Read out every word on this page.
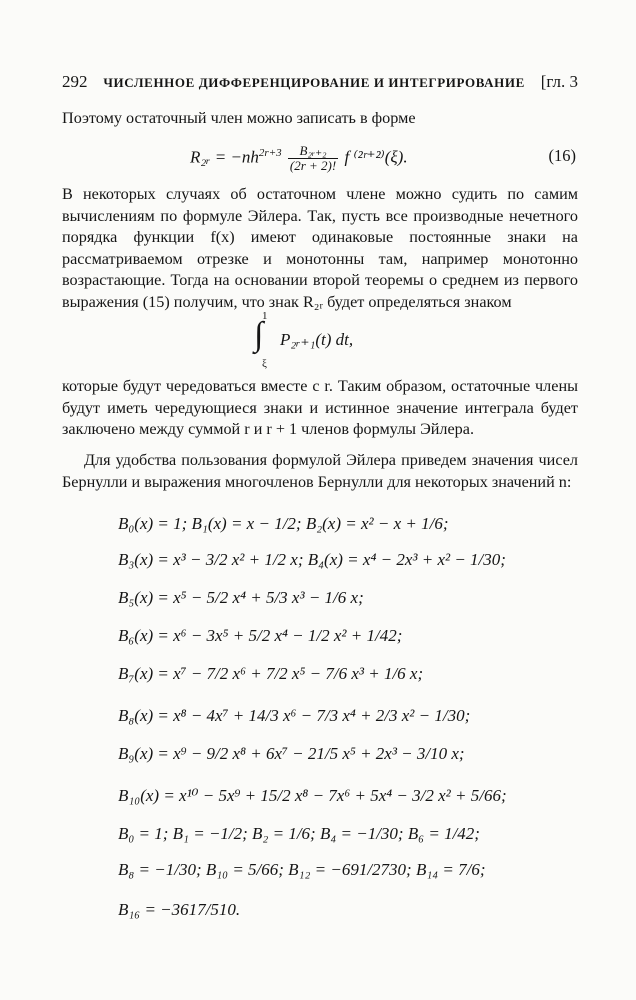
292 ЧИСЛЕННОЕ ДИФФЕРЕНЦИРОВАНИЕ И ИНТЕГРИРОВАНИЕ [гл. 3
Поэтому остаточный член можно записать в форме
R₂ᵣ = $-nh^{2r+3} \frac{\text{B₂ᵣ₊₂}}{(2r + 2)!}$ f ⁽²ʳ⁺²⁾(ξ).	(16)
В некоторых случаях об остаточном члене можно судить по самим вычислениям по формуле Эйлера. Так, пусть все производные нечетного порядка функции f(x) имеют одинаковые постоянные знаки на рассматриваемом отрезке и монотонны там, например монотонно возрастающие. Тогда на основании второй теоремы о среднем из первого выражения (15) получим, что знак R₂ᵣ будет определяться знаком
1
∫ P₂ᵣ₊₁(t) dt,
ξ
которые будут чередоваться вместе с r. Таким образом, остаточные члены будут иметь чередующиеся знаки и истинное значение интеграла будет заключено между суммой r и r + 1 членов формулы Эйлера.
Для удобства пользования формулой Эйлера приведем значения чисел Бернулли и выражения многочленов Бернулли для некоторых значений n:
B₀(x) = 1; B₁(x) = x − 1/2; B₂(x) = x² − x + 1/6;
B₃(x) = x³ − 3/2 x² + 1/2 x; B₄(x) = x⁴ − 2x³ + x² − 1/30;
B₅(x) = x⁵ − 5/2 x⁴ + 5/3 x³ − 1/6 x;
B₆(x) = x⁶ − 3x⁵ + 5/2 x⁴ − 1/2 x² + 1/42;
B₇(x) = x⁷ − 7/2 x⁶ + 7/2 x⁵ − 7/6 x³ + 1/6 x;
B₈(x) = x⁸ − 4x⁷ + 14/3 x⁶ − 7/3 x⁴ + 2/3 x² − 1/30;
B₉(x) = x⁹ − 9/2 x⁸ + 6x⁷ − 21/5 x⁵ + 2x³ − 3/10 x;
B₁₀(x) = x¹⁰ − 5x⁹ + 15/2 x⁸ − 7x⁶ + 5x⁴ − 3/2 x² + 5/66;
B₀ = 1; B₁ = −1/2; B₂ = 1/6; B₄ = −1/30; B₆ = 1/42;
B₈ = −1/30; B₁₀ = 5/66; B₁₂ = −691/2730; B₁₄ = 7/6;
B₁₆ = −3617/510.
